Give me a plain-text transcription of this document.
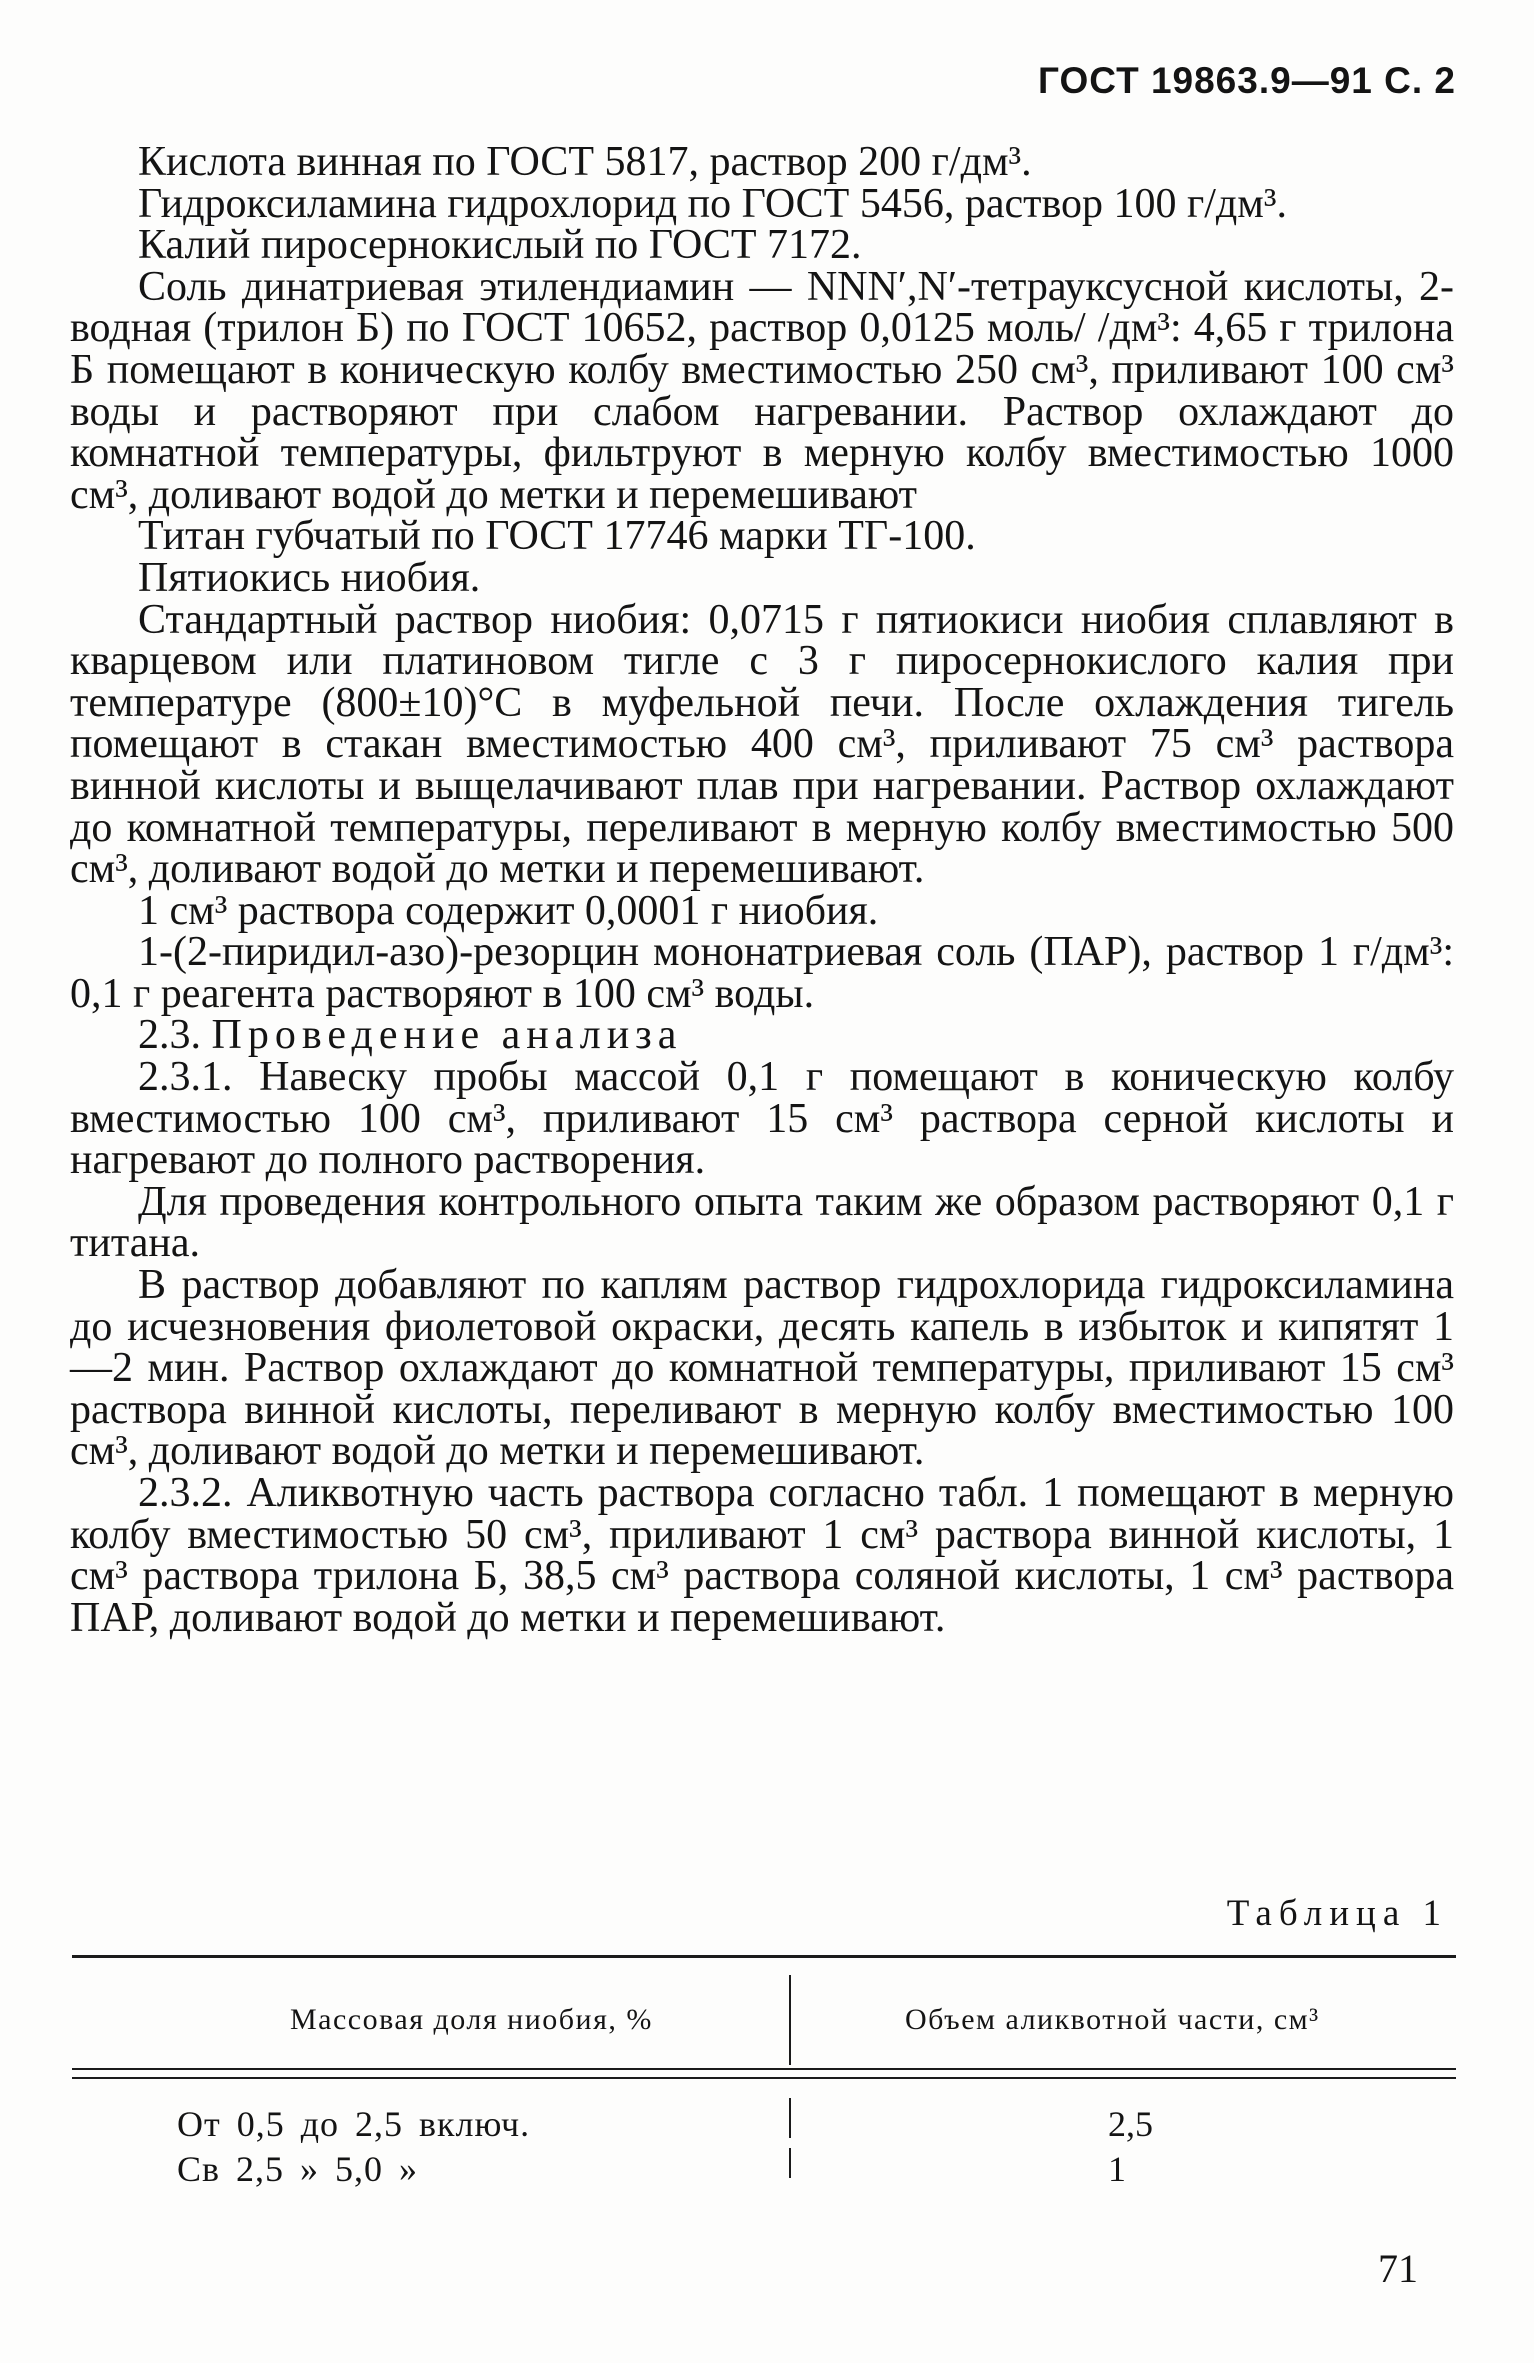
ГОСТ 19863.9—91 С. 2

Кислота винная по ГОСТ 5817, раствор 200 г/дм³.

Гидроксиламина гидрохлорид по ГОСТ 5456, раствор 100 г/дм³.

Калий пиросернокислый по ГОСТ 7172.

Соль динатриевая этилендиамин — NNN′,N′-тетрауксусной кислоты, 2-водная (трилон Б) по ГОСТ 10652, раствор 0,0125 моль/ /дм³: 4,65 г трилона Б помещают в коническую колбу вместимостью 250 см³, приливают 100 см³ воды и растворяют при слабом нагревании. Раствор охлаждают до комнатной температуры, фильтруют в мерную колбу вместимостью 1000 см³, доливают водой до метки и перемешивают

Титан губчатый по ГОСТ 17746 марки ТГ-100.

Пятиокись ниобия.

Стандартный раствор ниобия: 0,0715 г пятиокиси ниобия сплавляют в кварцевом или платиновом тигле с 3 г пиросернокислого калия при температуре (800±10)°С в муфельной печи. После охлаждения тигель помещают в стакан вместимостью 400 см³, приливают 75 см³ раствора винной кислоты и выщелачивают плав при нагревании. Раствор охлаждают до комнатной температуры, переливают в мерную колбу вместимостью 500 см³, доливают водой до метки и перемешивают.

1 см³ раствора содержит 0,0001 г ниобия.

1-(2-пиридил-азо)-резорцин мононатриевая соль (ПАР), раствор 1 г/дм³: 0,1 г реагента растворяют в 100 см³ воды.

2.3. Проведение анализа

2.3.1. Навеску пробы массой 0,1 г помещают в коническую колбу вместимостью 100 см³, приливают 15 см³ раствора серной кислоты и нагревают до полного растворения.

Для проведения контрольного опыта таким же образом растворяют 0,1 г титана.

В раствор добавляют по каплям раствор гидрохлорида гидроксиламина до исчезновения фиолетовой окраски, десять капель в избыток и кипятят 1—2 мин. Раствор охлаждают до комнатной температуры, приливают 15 см³ раствора винной кислоты, переливают в мерную колбу вместимостью 100 см³, доливают водой до метки и перемешивают.

2.3.2. Аликвотную часть раствора согласно табл. 1 помещают в мерную колбу вместимостью 50 см³, приливают 1 см³ раствора винной кислоты, 1 см³ раствора трилона Б, 38,5 см³ раствора соляной кислоты, 1 см³ раствора ПАР, доливают водой до метки и перемешивают.

Таблица 1
Массовая доля ниобия, %	Объем аликвотной части, см³
От 0,5 до 2,5 включ.	2,5
Св 2,5 » 5,0 »	1
71
